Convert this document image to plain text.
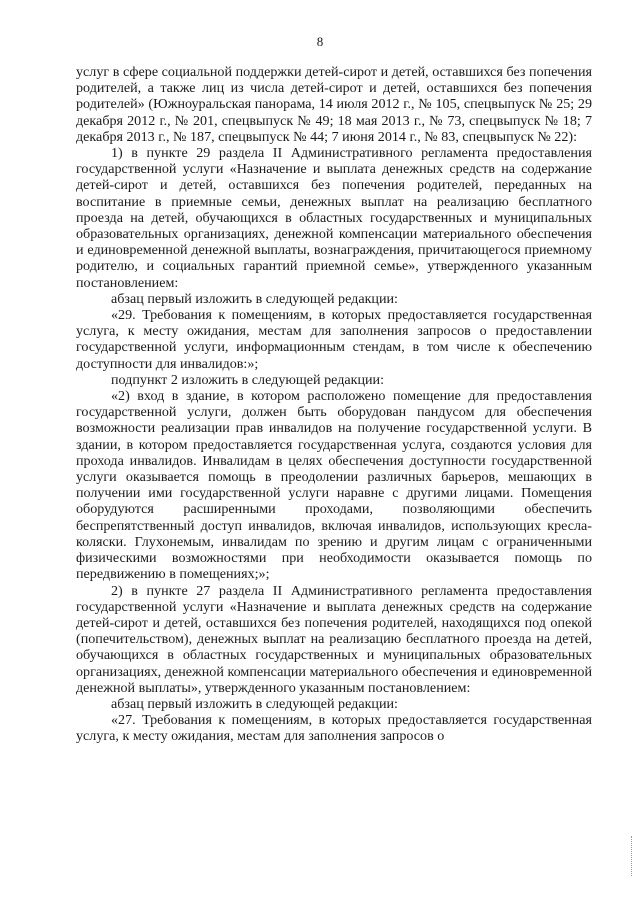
8

услуг в сфере социальной поддержки детей-сирот и детей, оставшихся без попечения родителей, а также лиц из числа детей-сирот и детей, оставшихся без попечения родителей» (Южноуральская панорама, 14 июля 2012 г., № 105, спецвыпуск № 25; 29 декабря 2012 г., № 201, спецвыпуск № 49; 18 мая 2013 г., № 73, спецвыпуск № 18; 7 декабря 2013 г., № 187, спецвыпуск № 44; 7 июня 2014 г., № 83, спецвыпуск № 22):

1) в пункте 29 раздела II Административного регламента предоставления государственной услуги «Назначение и выплата денежных средств на содержание детей-сирот и детей, оставшихся без попечения родителей, переданных на воспитание в приемные семьи, денежных выплат на реализацию бесплатного проезда на детей, обучающихся в областных государственных и муниципальных образовательных организациях, денежной компенсации материального обеспечения и единовременной денежной выплаты, вознаграждения, причитающегося приемному родителю, и социальных гарантий приемной семье», утвержденного указанным постановлением:

абзац первый изложить в следующей редакции:

«29. Требования к помещениям, в которых предоставляется государственная услуга, к месту ожидания, местам для заполнения запросов о предоставлении государственной услуги, информационным стендам, в том числе к обеспечению доступности для инвалидов:»;

подпункт 2 изложить в следующей редакции:

«2) вход в здание, в котором расположено помещение для предоставления государственной услуги, должен быть оборудован пандусом для обеспечения возможности реализации прав инвалидов на получение государственной услуги. В здании, в котором предоставляется государственная услуга, создаются условия для прохода инвалидов. Инвалидам в целях обеспечения доступности государственной услуги оказывается помощь в преодолении различных барьеров, мешающих в получении ими государственной услуги наравне с другими лицами. Помещения оборудуются расширенными проходами, позволяющими обеспечить беспрепятственный доступ инвалидов, включая инвалидов, использующих кресла-коляски. Глухонемым, инвалидам по зрению и другим лицам с ограниченными физическими возможностями при необходимости оказывается помощь по передвижению в помещениях;»;

2) в пункте 27 раздела II Административного регламента предоставления государственной услуги «Назначение и выплата денежных средств на содержание детей-сирот и детей, оставшихся без попечения родителей, находящихся под опекой (попечительством), денежных выплат на реализацию бесплатного проезда на детей, обучающихся в областных государственных и муниципальных образовательных организациях, денежной компенсации материального обеспечения и единовременной денежной выплаты», утвержденного указанным постановлением:

абзац первый изложить в следующей редакции:

«27. Требования к помещениям, в которых предоставляется государственная услуга, к месту ожидания, местам для заполнения запросов о
